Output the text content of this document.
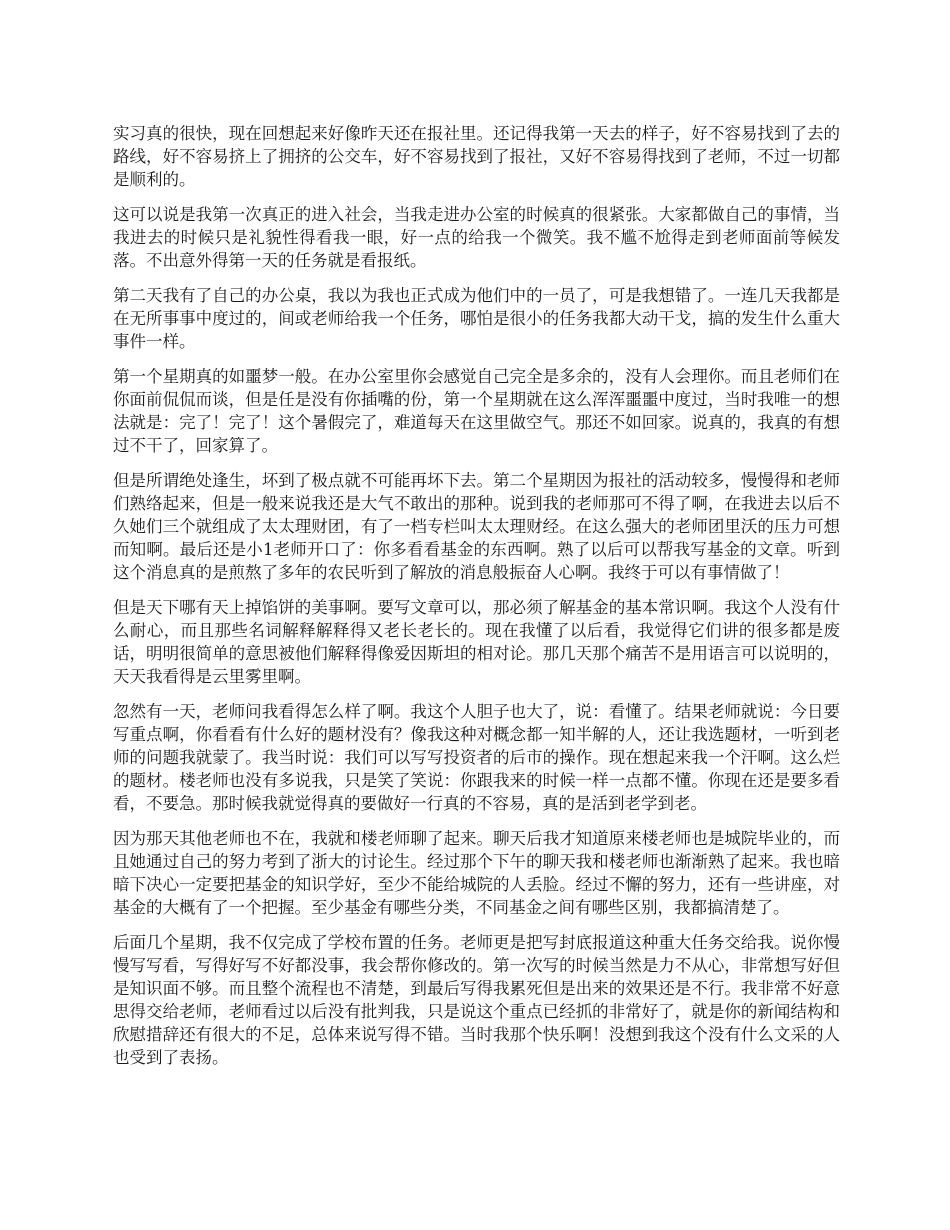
实习真的很快，现在回想起来好像昨天还在报社里。还记得我第一天去的样子，好不容易找到了去的路线，好不容易挤上了拥挤的公交车，好不容易找到了报社，又好不容易得找到了老师，不过一切都是顺利的。

这可以说是我第一次真正的进入社会，当我走进办公室的时候真的很紧张。大家都做自己的事情，当我进去的时候只是礼貌性得看我一眼，好一点的给我一个微笑。我不尴不尬得走到老师面前等候发落。不出意外得第一天的任务就是看报纸。

第二天我有了自己的办公桌，我以为我也正式成为他们中的一员了，可是我想错了。一连几天我都是在无所事事中度过的，间或老师给我一个任务，哪怕是很小的任务我都大动干戈，搞的发生什么重大事件一样。

第一个星期真的如噩梦一般。在办公室里你会感觉自己完全是多余的，没有人会理你。而且老师们在你面前侃侃而谈，但是任是没有你插嘴的份，第一个星期就在这么浑浑噩噩中度过，当时我唯一的想法就是：完了！完了！这个暑假完了，难道每天在这里做空气。那还不如回家。说真的，我真的有想过不干了，回家算了。

但是所谓绝处逢生，坏到了极点就不可能再坏下去。第二个星期因为报社的活动较多，慢慢得和老师们熟络起来，但是一般来说我还是大气不敢出的那种。说到我的老师那可不得了啊，在我进去以后不久她们三个就组成了太太理财团，有了一档专栏叫太太理财经。在这么强大的老师团里沃的压力可想而知啊。最后还是小1老师开口了：你多看看基金的东西啊。熟了以后可以帮我写基金的文章。听到这个消息真的是煎熬了多年的农民听到了解放的消息般振奋人心啊。我终于可以有事情做了！

但是天下哪有天上掉馅饼的美事啊。要写文章可以，那必须了解基金的基本常识啊。我这个人没有什么耐心，而且那些名词解释解释得又老长老长的。现在我懂了以后看，我觉得它们讲的很多都是废话，明明很简单的意思被他们解释得像爱因斯坦的相对论。那几天那个痛苦不是用语言可以说明的，天天我看得是云里雾里啊。

忽然有一天，老师问我看得怎么样了啊。我这个人胆子也大了，说：看懂了。结果老师就说：今日要写重点啊，你看看有什么好的题材没有？像我这种对概念都一知半解的人，还让我选题材，一听到老师的问题我就蒙了。我当时说：我们可以写写投资者的后市的操作。现在想起来我一个汗啊。这么烂的题材。楼老师也没有多说我，只是笑了笑说：你跟我来的时候一样一点都不懂。你现在还是要多看看，不要急。那时候我就觉得真的要做好一行真的不容易，真的是活到老学到老。

因为那天其他老师也不在，我就和楼老师聊了起来。聊天后我才知道原来楼老师也是城院毕业的，而且她通过自己的努力考到了浙大的讨论生。经过那个下午的聊天我和楼老师也渐渐熟了起来。我也暗暗下决心一定要把基金的知识学好，至少不能给城院的人丢脸。经过不懈的努力，还有一些讲座，对基金的大概有了一个把握。至少基金有哪些分类，不同基金之间有哪些区别，我都搞清楚了。

后面几个星期，我不仅完成了学校布置的任务。老师更是把写封底报道这种重大任务交给我。说你慢慢写写看，写得好写不好都没事，我会帮你修改的。第一次写的时候当然是力不从心，非常想写好但是知识面不够。而且整个流程也不清楚，到最后写得我累死但是出来的效果还是不行。我非常不好意思得交给老师，老师看过以后没有批判我，只是说这个重点已经抓的非常好了，就是你的新闻结构和欣慰措辞还有很大的不足，总体来说写得不错。当时我那个快乐啊！没想到我这个没有什么文采的人也受到了表扬。
